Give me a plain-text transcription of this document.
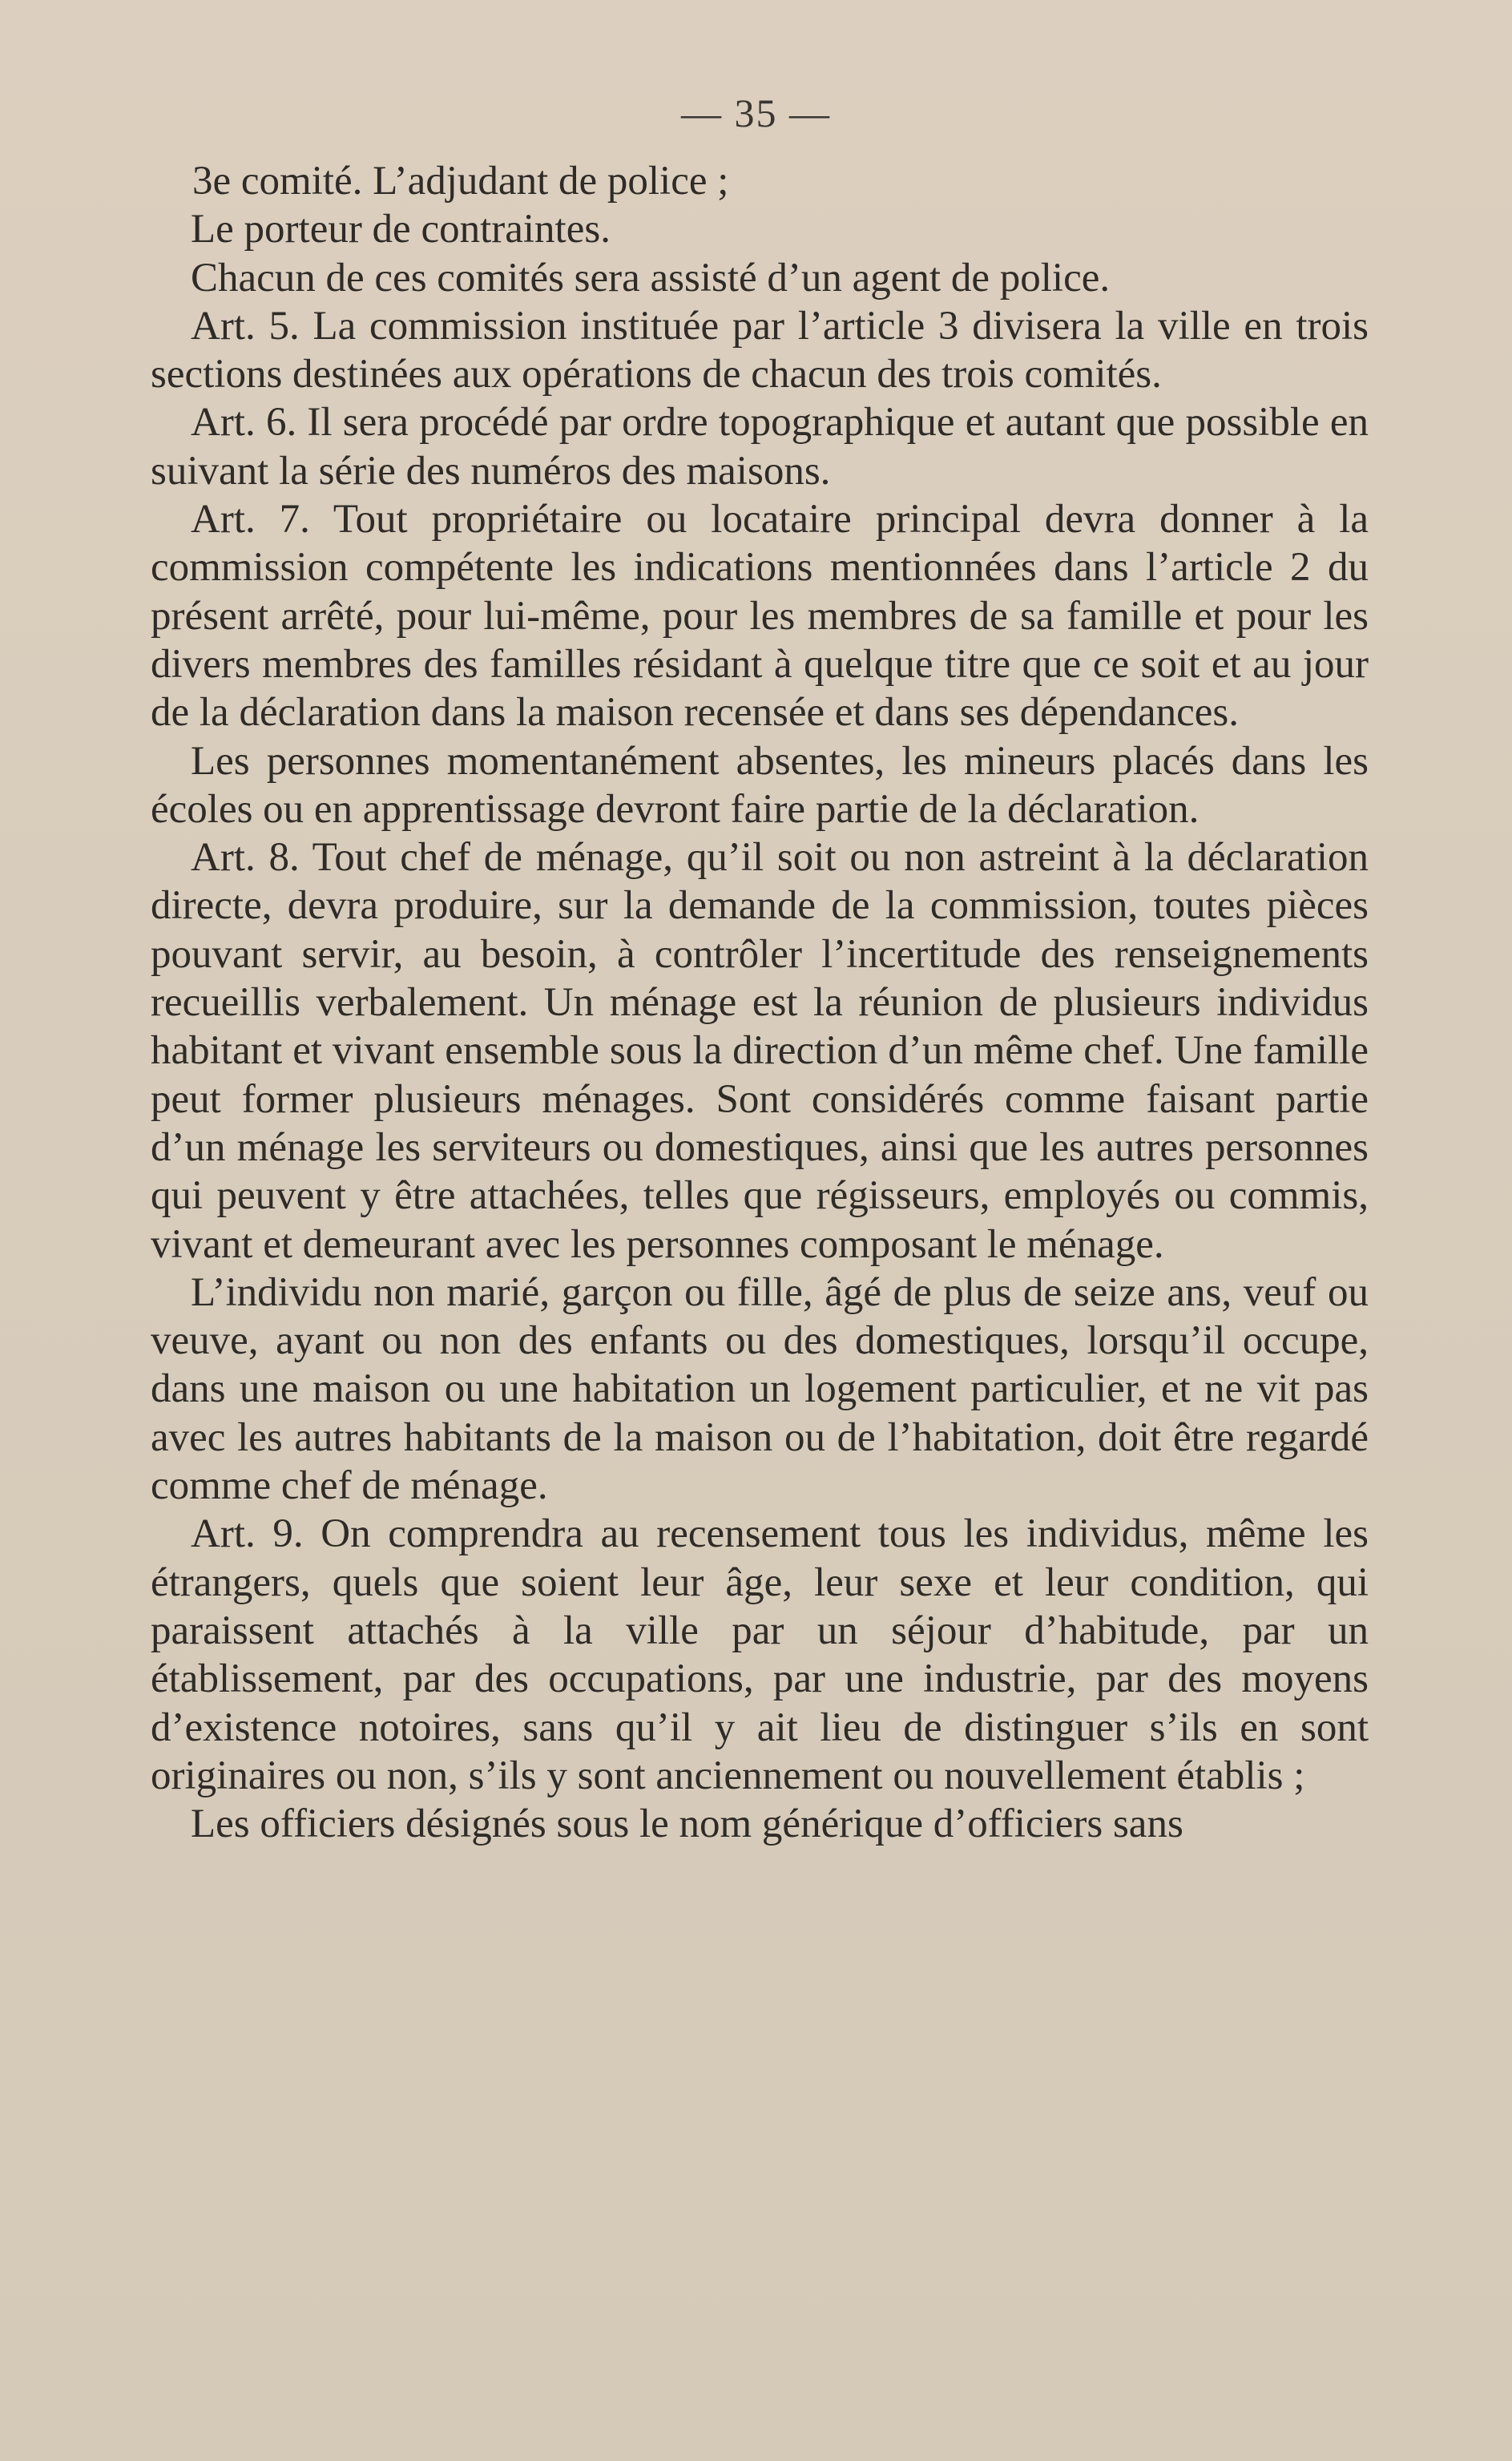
— 35 —

3e comité. L’adjudant de police ;

Le porteur de contraintes.

Chacun de ces comités sera assisté d’un agent de police.

Art. 5. La commission instituée par l’article 3 divisera la ville en trois sections destinées aux opérations de chacun des trois comités.

Art. 6. Il sera procédé par ordre topographique et autant que possible en suivant la série des numéros des maisons.

Art. 7. Tout propriétaire ou locataire principal devra donner à la commission compétente les indications mentionnées dans l’article 2 du présent arrêté, pour lui-même, pour les membres de sa famille et pour les divers membres des familles résidant à quelque titre que ce soit et au jour de la déclaration dans la maison recensée et dans ses dépendances.

Les personnes momentanément absentes, les mineurs placés dans les écoles ou en apprentissage devront faire partie de la déclaration.

Art. 8. Tout chef de ménage, qu’il soit ou non astreint à la déclaration directe, devra produire, sur la demande de la commission, toutes pièces pouvant servir, au besoin, à contrôler l’incertitude des renseignements recueillis verbalement. Un ménage est la réunion de plusieurs individus habitant et vivant ensemble sous la direction d’un même chef. Une famille peut former plusieurs ménages. Sont considérés comme faisant partie d’un ménage les serviteurs ou domestiques, ainsi que les autres personnes qui peuvent y être attachées, telles que régisseurs, employés ou commis, vivant et demeurant avec les personnes composant le ménage.

L’individu non marié, garçon ou fille, âgé de plus de seize ans, veuf ou veuve, ayant ou non des enfants ou des domestiques, lorsqu’il occupe, dans une maison ou une habitation un logement particulier, et ne vit pas avec les autres habitants de la maison ou de l’habitation, doit être regardé comme chef de ménage.

Art. 9. On comprendra au recensement tous les individus, même les étrangers, quels que soient leur âge, leur sexe et leur condition, qui paraissent attachés à la ville par un séjour d’habitude, par un établissement, par des occupations, par une industrie, par des moyens d’existence notoires, sans qu’il y ait lieu de distinguer s’ils en sont originaires ou non, s’ils y sont anciennement ou nouvellement établis ;

Les officiers désignés sous le nom générique d’officiers sans
